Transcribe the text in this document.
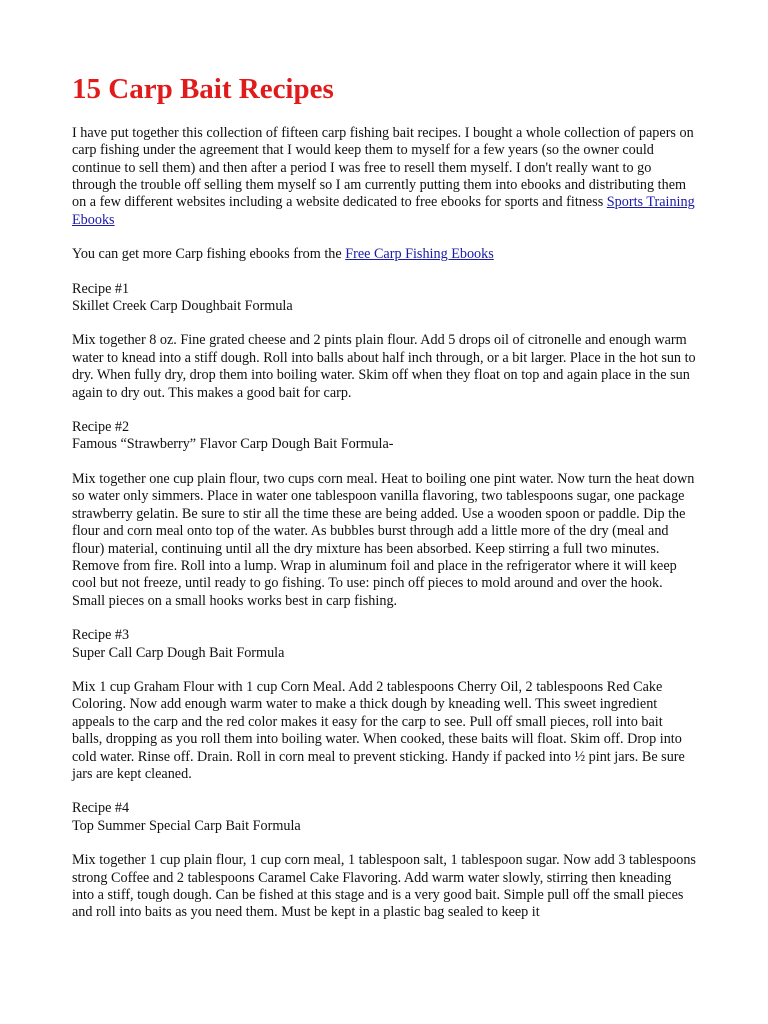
15 Carp Bait Recipes

I have put together this collection of fifteen carp fishing bait recipes. I bought a whole collection of papers on carp fishing under the agreement that I would keep them to myself for a few years (so the owner could continue to sell them) and then after a period I was free to resell them myself. I don't really want to go through the trouble off selling them myself so I am currently putting them into ebooks and distributing them on a few different websites including a website dedicated to free ebooks for sports and fitness Sports Training Ebooks

You can get more Carp fishing ebooks from the Free Carp Fishing Ebooks

Recipe #1
Skillet Creek Carp Doughbait Formula

Mix together 8 oz. Fine grated cheese and 2 pints plain flour. Add 5 drops oil of citronelle and enough warm water to knead into a stiff dough. Roll into balls about half inch through, or a bit larger. Place in the hot sun to dry. When fully dry, drop them into boiling water. Skim off when they float on top and again place in the sun again to dry out. This makes a good bait for carp.

Recipe #2
Famous “Strawberry” Flavor Carp Dough Bait Formula-

Mix together one cup plain flour, two cups corn meal. Heat to boiling one pint water. Now turn the heat down so water only simmers. Place in water one tablespoon vanilla flavoring, two tablespoons sugar, one package strawberry gelatin. Be sure to stir all the time these are being added. Use a wooden spoon or paddle. Dip the flour and corn meal onto top of the water. As bubbles burst through add a little more of the dry (meal and flour) material, continuing until all the dry mixture has been absorbed. Keep stirring a full two minutes. Remove from fire. Roll into a lump. Wrap in aluminum foil and place in the refrigerator where it will keep cool but not freeze, until ready to go fishing. To use: pinch off pieces to mold around and over the hook. Small pieces on a small hooks works best in carp fishing.

Recipe #3
Super Call Carp Dough Bait Formula

Mix 1 cup Graham Flour with 1 cup Corn Meal. Add 2 tablespoons Cherry Oil, 2 tablespoons Red Cake Coloring. Now add enough warm water to make a thick dough by kneading well. This sweet ingredient appeals to the carp and the red color makes it easy for the carp to see. Pull off small pieces, roll into bait balls, dropping as you roll them into boiling water. When cooked, these baits will float. Skim off. Drop into cold water. Rinse off. Drain. Roll in corn meal to prevent sticking. Handy if packed into ½ pint jars. Be sure jars are kept cleaned.

Recipe #4
Top Summer Special Carp Bait Formula

Mix together 1 cup plain flour, 1 cup corn meal, 1 tablespoon salt, 1 tablespoon sugar. Now add 3 tablespoons strong Coffee and 2 tablespoons Caramel Cake Flavoring. Add warm water slowly, stirring then kneading into a stiff, tough dough. Can be fished at this stage and is a very good bait. Simple pull off the small pieces and roll into baits as you need them. Must be kept in a plastic bag sealed to keep it
